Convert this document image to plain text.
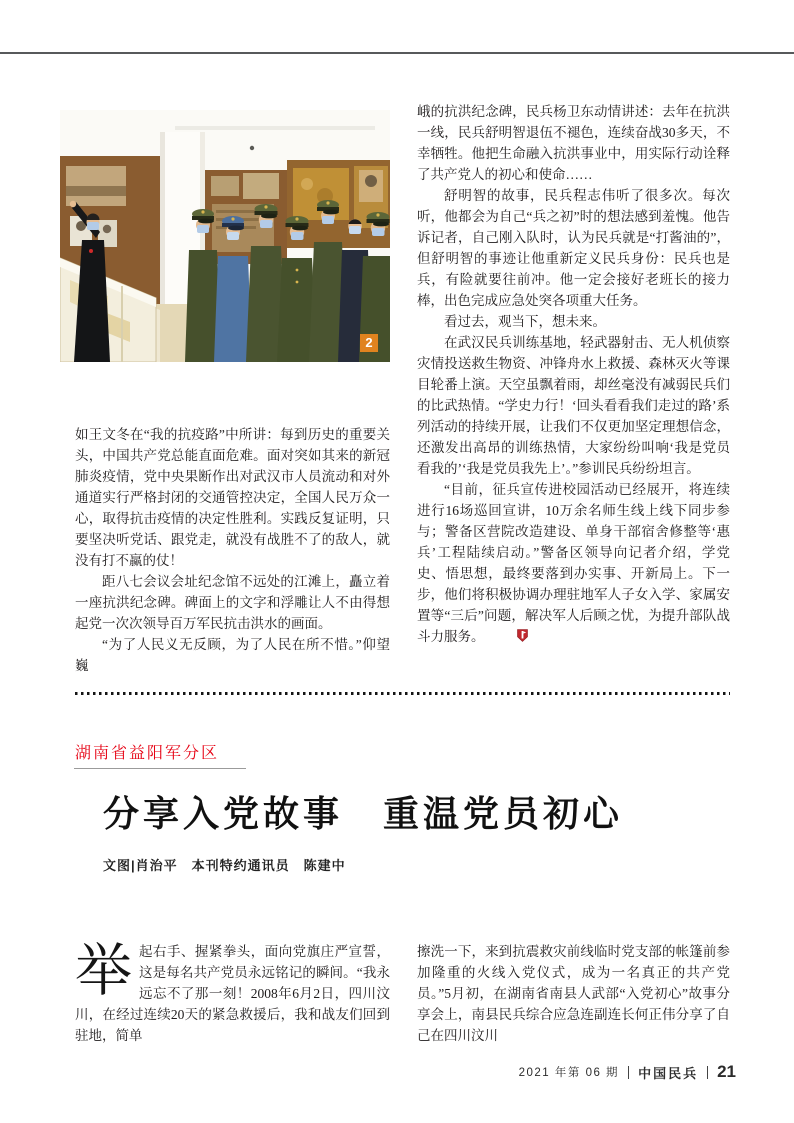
2

峨的抗洪纪念碑，民兵杨卫东动情讲述：去年在抗洪一线，民兵舒明智退伍不褪色，连续奋战30多天，不幸牺牲。他把生命融入抗洪事业中，用实际行动诠释了共产党人的初心和使命……

舒明智的故事，民兵程志伟听了很多次。每次听，他都会为自己“兵之初”时的想法感到羞愧。他告诉记者，自己刚入队时，认为民兵就是“打酱油的”，但舒明智的事迹让他重新定义民兵身份：民兵也是兵，有险就要往前冲。他一定会接好老班长的接力棒，出色完成应急处突各项重大任务。

看过去，观当下，想未来。

在武汉民兵训练基地，轻武器射击、无人机侦察灾情投送救生物资、冲锋舟水上救援、森林灭火等课目轮番上演。天空虽飘着雨，却丝毫没有减弱民兵们的比武热情。“学史力行！‘回头看看我们走过的路’系列活动的持续开展，让我们不仅更加坚定理想信念，还激发出高昂的训练热情，大家纷纷叫响‘我是党员看我的’‘我是党员我先上’。”参训民兵纷纷坦言。

“目前，征兵宣传进校园活动已经展开，将连续进行16场巡回宣讲，10万余名师生线上线下同步参与；警备区营院改造建设、单身干部宿舍修整等‘惠兵’工程陆续启动。”警备区领导向记者介绍，学党史、悟思想，最终要落到办实事、开新局上。下一步，他们将积极协调办理驻地军人子女入学、家属安置等“三后”问题，解决军人后顾之忧，为提升部队战斗力服务。

如王文冬在“我的抗疫路”中所讲：每到历史的重要关头，中国共产党总能直面危难。面对突如其来的新冠肺炎疫情，党中央果断作出对武汉市人员流动和对外通道实行严格封闭的交通管控决定，全国人民万众一心，取得抗击疫情的决定性胜利。实践反复证明，只要坚决听党话、跟党走，就没有战胜不了的敌人，就没有打不赢的仗！

距八七会议会址纪念馆不远处的江滩上，矗立着一座抗洪纪念碑。碑面上的文字和浮雕让人不由得想起党一次次领导百万军民抗击洪水的画面。

“为了人民义无反顾，为了人民在所不惜。”仰望巍

湖南省益阳军分区
分享入党故事　重温党员初心
文图|肖治平　本刊特约通讯员　陈建中

举起右手、握紧拳头，面向党旗庄严宣誓，这是每名共产党员永远铭记的瞬间。“我永远忘不了那一刻！2008年6月2日，四川汶川，在经过连续20天的紧急救援后，我和战友们回到驻地，简单

擦洗一下，来到抗震救灾前线临时党支部的帐篷前参加隆重的火线入党仪式，成为一名真正的共产党员。”5月初，在湖南省南县人武部“入党初心”故事分享会上，南县民兵综合应急连副连长何正伟分享了自己在四川汶川

2021 年第 06 期 中国民兵 21
